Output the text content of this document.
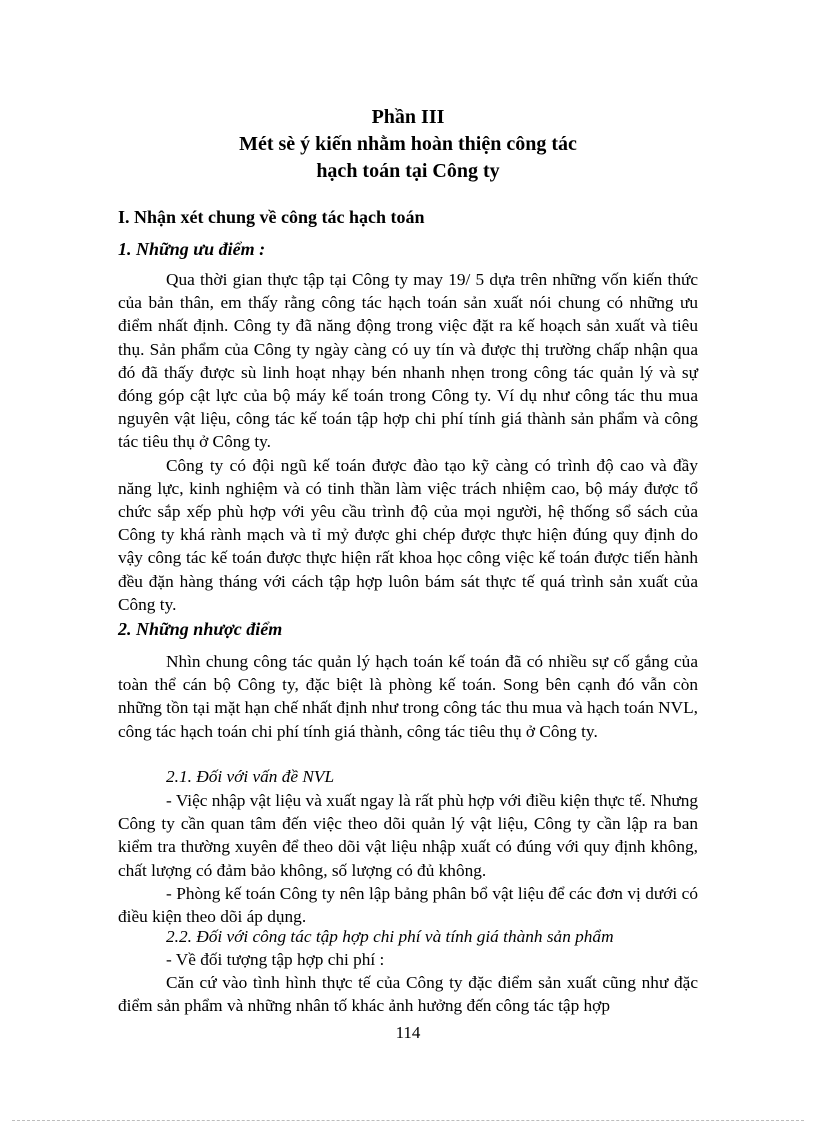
Phần III
Mét sè ý kiến nhằm hoàn thiện công tác
hạch toán tại Công ty
I. Nhận xét chung về công tác hạch toán
1. Những ưu điểm :

Qua thời gian thực tập tại Công ty may 19/ 5 dựa trên những vốn kiến thức của bản thân, em thấy rằng công tác hạch toán sản xuất nói chung có những ưu điểm nhất định. Công ty đã năng động trong việc đặt ra kế hoạch sản xuất và tiêu thụ. Sản phẩm của Công ty ngày càng có uy tín và được thị trường chấp nhận qua đó đã thấy được sù linh hoạt nhạy bén nhanh nhẹn trong công tác quản lý và sự đóng góp cật lực của bộ máy kế toán trong Công ty. Ví dụ như công tác thu mua nguyên vật liệu, công tác kế toán tập hợp chi phí tính giá thành sản phẩm và công tác tiêu thụ ở Công ty.

Công ty có đội ngũ kế toán được đào tạo kỹ càng có trình độ cao và đầy năng lực, kinh nghiệm và có tinh thần làm việc trách nhiệm cao, bộ máy được tổ chức sắp xếp phù hợp với yêu cầu trình độ của mọi người, hệ thống sổ sách của Công ty khá rành mạch và tỉ mỷ được ghi chép được thực hiện đúng quy định do vậy công tác kế toán được thực hiện rất khoa học công việc kế toán được tiến hành đều đặn hàng tháng với cách tập hợp luôn bám sát thực tế quá trình sản xuất của Công ty.

2. Những nhược điểm

Nhìn chung công tác quản lý hạch toán kế toán đã có nhiều sự cố gắng của toàn thể cán bộ Công ty, đặc biệt là phòng kế toán. Song bên cạnh đó vẫn còn những tồn tại mặt hạn chế nhất định như trong công tác thu mua và hạch toán NVL, công tác hạch toán chi phí tính giá thành, công tác tiêu thụ ở Công ty.

2.1. Đối với vấn đề NVL

- Việc nhập vật liệu và xuất ngay là rất phù hợp với điều kiện thực tế. Nhưng Công ty cần quan tâm đến việc theo dõi quản lý vật liệu, Công ty cần lập ra ban kiểm tra thường xuyên để theo dõi vật liệu nhập xuất có đúng với quy định không, chất lượng có đảm bảo không, số lượng có đủ không.

- Phòng kế toán Công ty nên lập bảng phân bổ vật liệu để các đơn vị dưới có điều kiện theo dõi áp dụng.

2.2. Đối với công tác tập hợp chi phí và tính giá thành sản phẩm

- Về đối tượng tập hợp chi phí :

Căn cứ vào tình hình thực tế của Công ty đặc điểm sản xuất cũng như đặc điểm sản phẩm và những nhân tố khác ảnh hưởng đến công tác tập hợp

114
